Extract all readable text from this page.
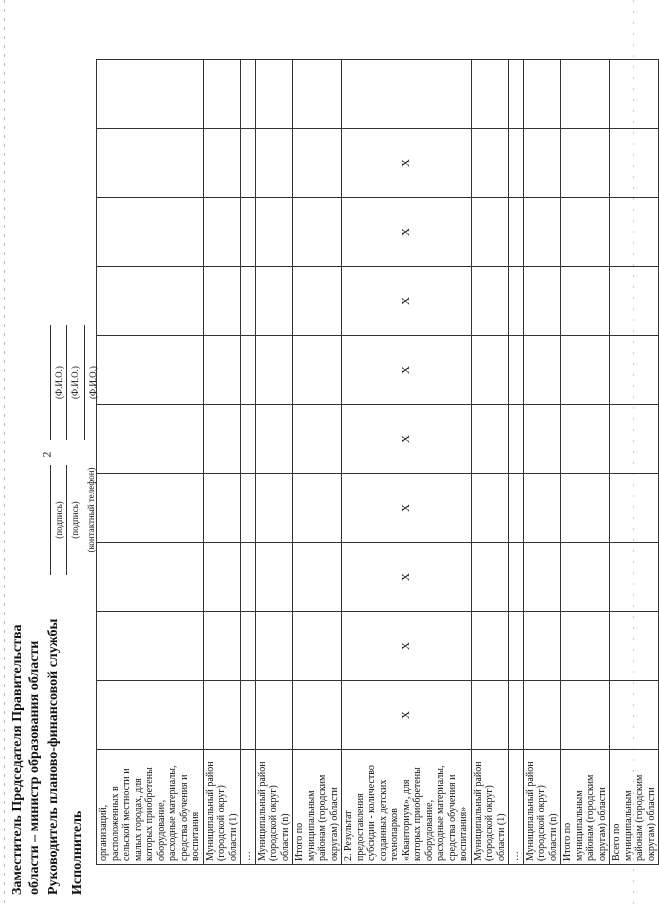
2
организаций, расположенных в сельской местности и малых городах, для которых приобретены оборудование, расходные материалы, средства обучения и воспитания										
Муниципальный район (городской округ) области (1)										
…										
Муниципальный район (городской округ) области (n)										
Итого по муниципальным районам (городским округам) области										
2. Результат предоставления субсидии - количество созданных детских технопарков «Кванториум», для которых приобретены оборудование, расходные материалы, средства обучения и воспитания»	X	X	X	X	X	X	X	X	X	
Муниципальный район (городской округ) области (1)										
…										
Муниципальный район (городской округ) области (n)										
Итого по муниципальным районам (городским округам) области										
Всего по муниципальным районам (городским округам) области										
Заместитель Председателя Правительства области – министр образования области
(подпись)
(Ф.И.О.)
Руководитель планово-финансовой службы
(подпись)
(Ф.И.О.)
Исполнитель
(контактный телефон)
(Ф.И.О.)
